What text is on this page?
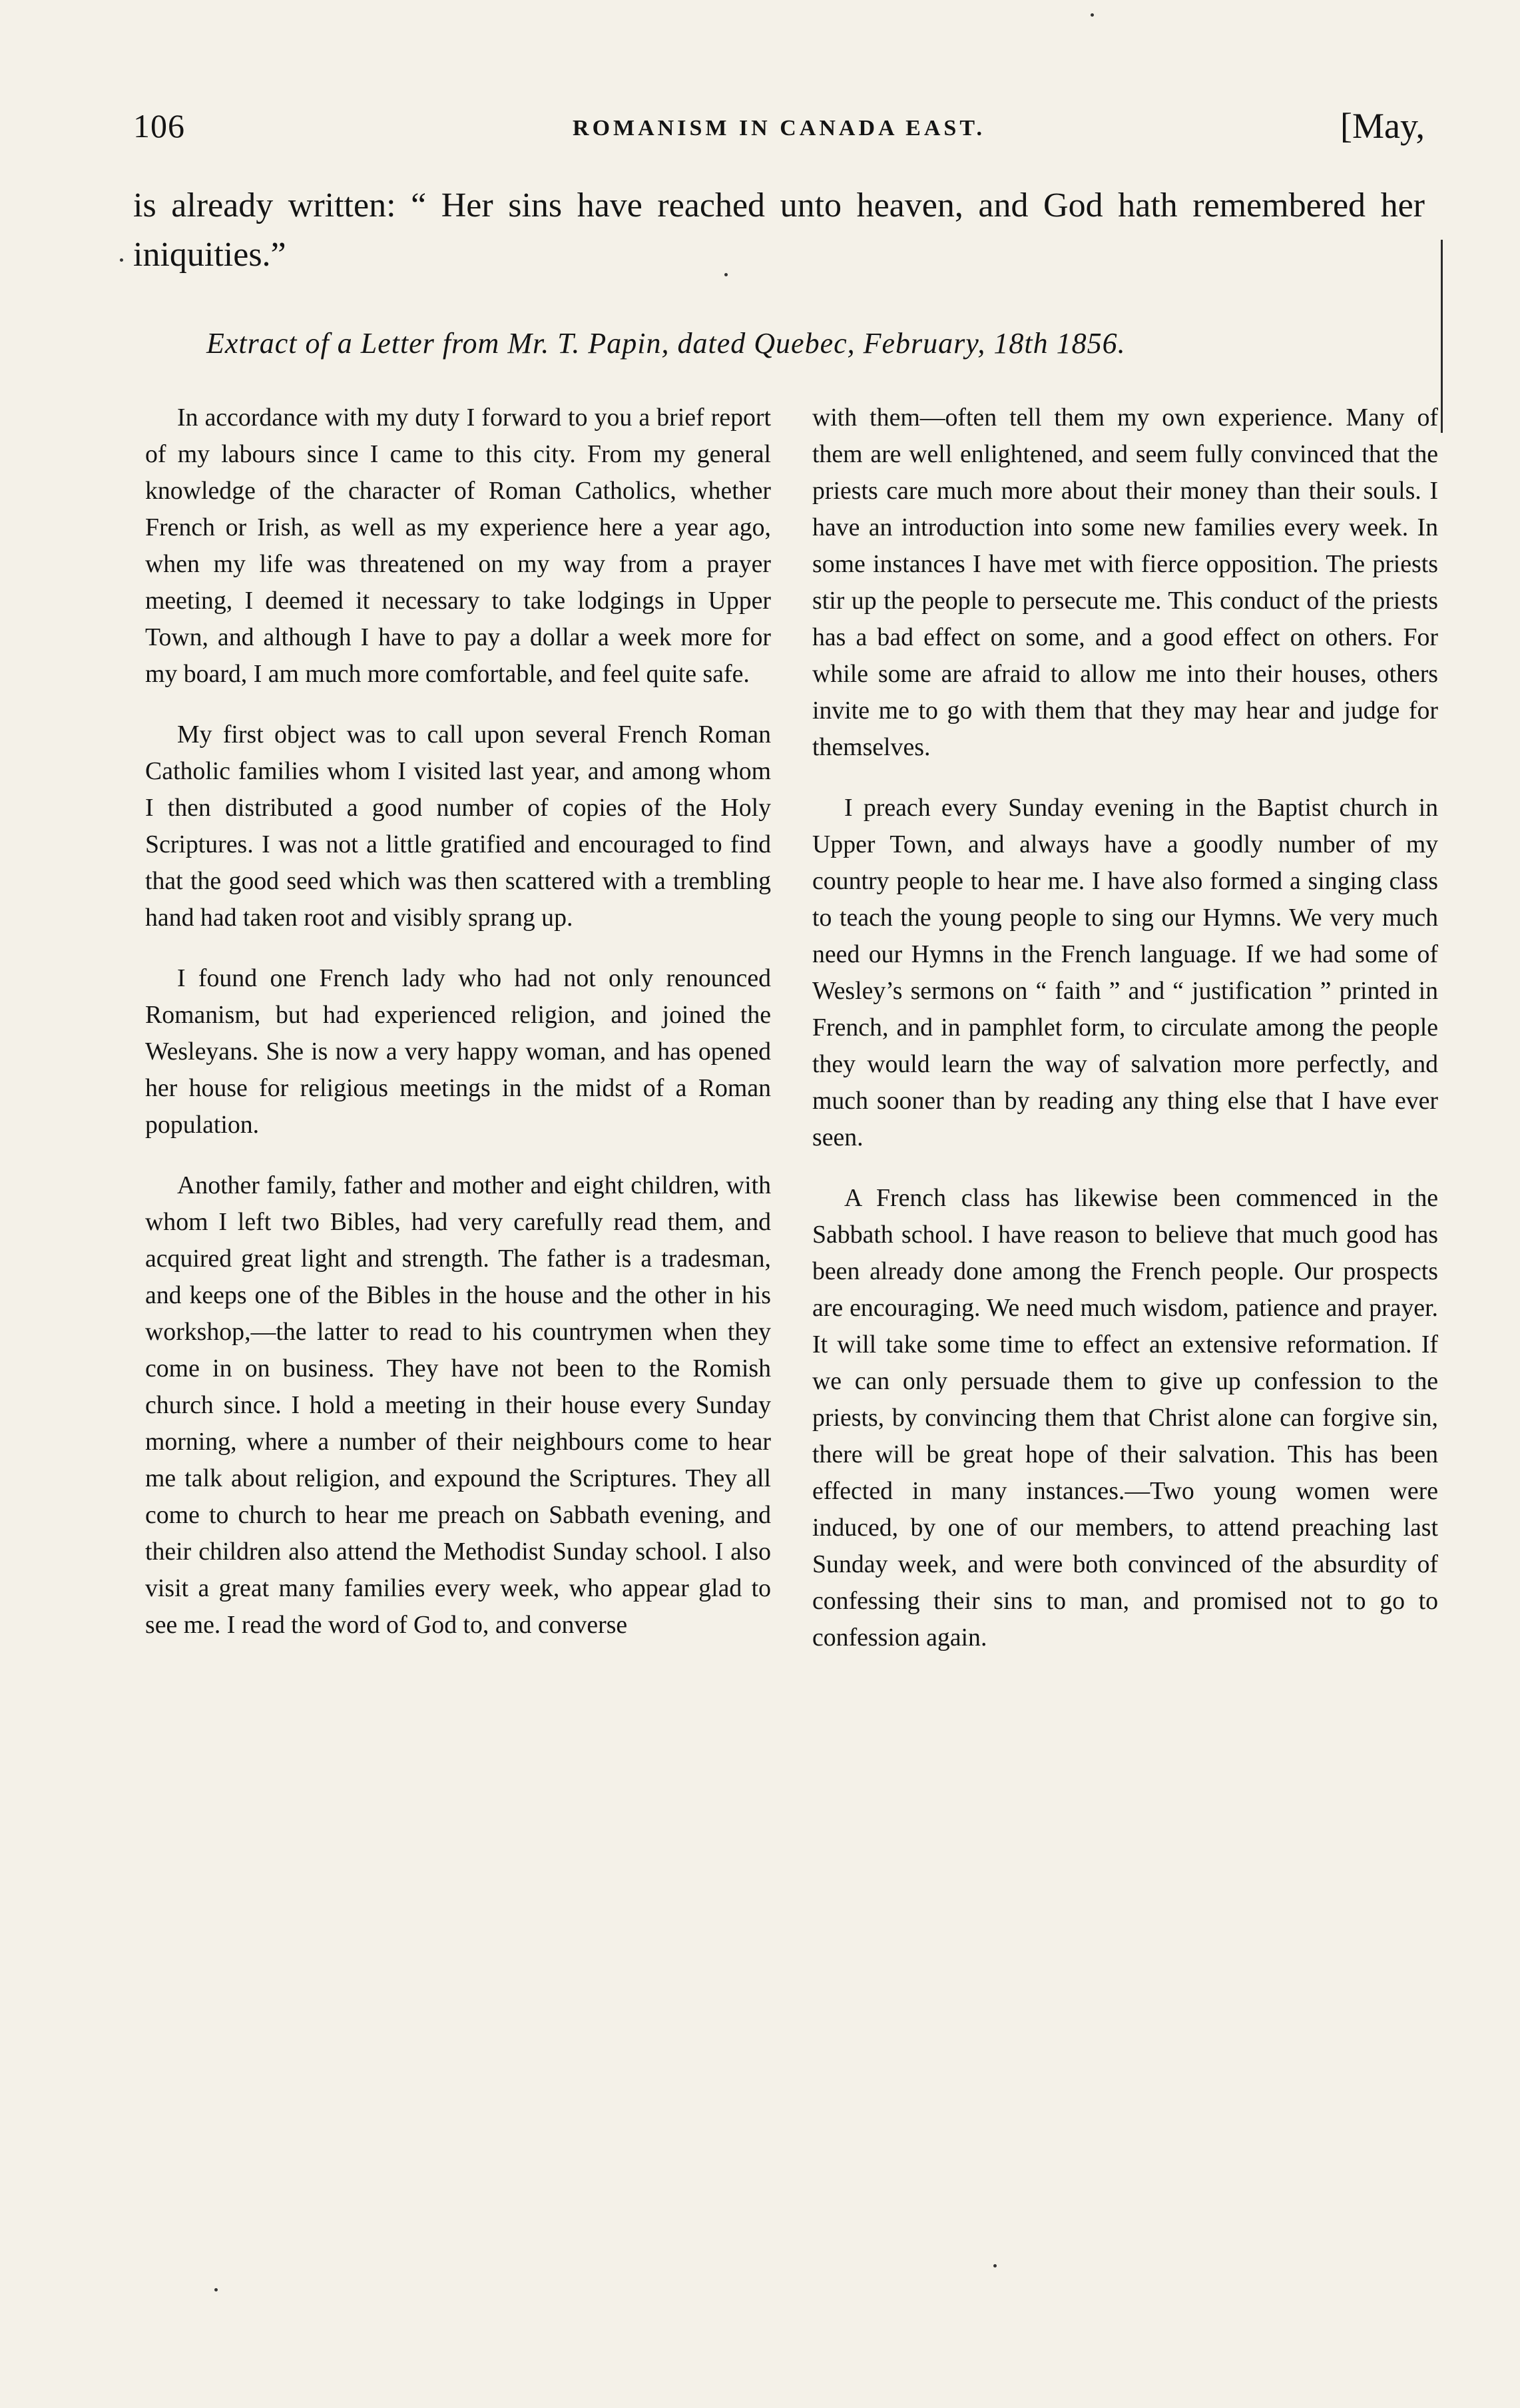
106	ROMANISM IN CANADA EAST.	[May,

is already written: “ Her sins have reached unto heaven, and God hath remembered her iniquities.”

Extract of a Letter from Mr. T. Papin, dated Quebec, February, 18th 1856.

In accordance with my duty I forward to you a brief report of my labours since I came to this city. From my general knowledge of the character of Roman Catholics, whether French or Irish, as well as my experience here a year ago, when my life was threatened on my way from a prayer meeting, I deemed it necessary to take lodgings in Upper Town, and although I have to pay a dollar a week more for my board, I am much more comfortable, and feel quite safe.

My first object was to call upon several French Roman Catholic families whom I visited last year, and among whom I then distributed a good number of copies of the Holy Scriptures. I was not a little gratified and encouraged to find that the good seed which was then scattered with a trembling hand had taken root and visibly sprang up.

I found one French lady who had not only renounced Romanism, but had experienced religion, and joined the Wesleyans. She is now a very happy woman, and has opened her house for religious meetings in the midst of a Roman population.

Another family, father and mother and eight children, with whom I left two Bibles, had very carefully read them, and acquired great light and strength. The father is a tradesman, and keeps one of the Bibles in the house and the other in his workshop,—the latter to read to his countrymen when they come in on business. They have not been to the Romish church since. I hold a meeting in their house every Sunday morning, where a number of their neighbours come to hear me talk about religion, and expound the Scriptures. They all come to church to hear me preach on Sabbath evening, and their children also attend the Methodist Sunday school. I also visit a great many families every week, who appear glad to see me. I read the word of God to, and converse

with them—often tell them my own experience. Many of them are well enlightened, and seem fully convinced that the priests care much more about their money than their souls. I have an introduction into some new families every week. In some instances I have met with fierce opposition. The priests stir up the people to persecute me. This conduct of the priests has a bad effect on some, and a good effect on others. For while some are afraid to allow me into their houses, others invite me to go with them that they may hear and judge for themselves.

I preach every Sunday evening in the Baptist church in Upper Town, and always have a goodly number of my country people to hear me. I have also formed a singing class to teach the young people to sing our Hymns. We very much need our Hymns in the French language. If we had some of Wesley’s sermons on “ faith ” and “ justification ” printed in French, and in pamphlet form, to circulate among the people they would learn the way of salvation more perfectly, and much sooner than by reading any thing else that I have ever seen.

A French class has likewise been commenced in the Sabbath school. I have reason to believe that much good has been already done among the French people. Our prospects are encouraging. We need much wisdom, patience and prayer. It will take some time to effect an extensive reformation. If we can only persuade them to give up confession to the priests, by convincing them that Christ alone can forgive sin, there will be great hope of their salvation. This has been effected in many instances.—Two young women were induced, by one of our members, to attend preaching last Sunday week, and were both convinced of the absurdity of confessing their sins to man, and promised not to go to confession again.
